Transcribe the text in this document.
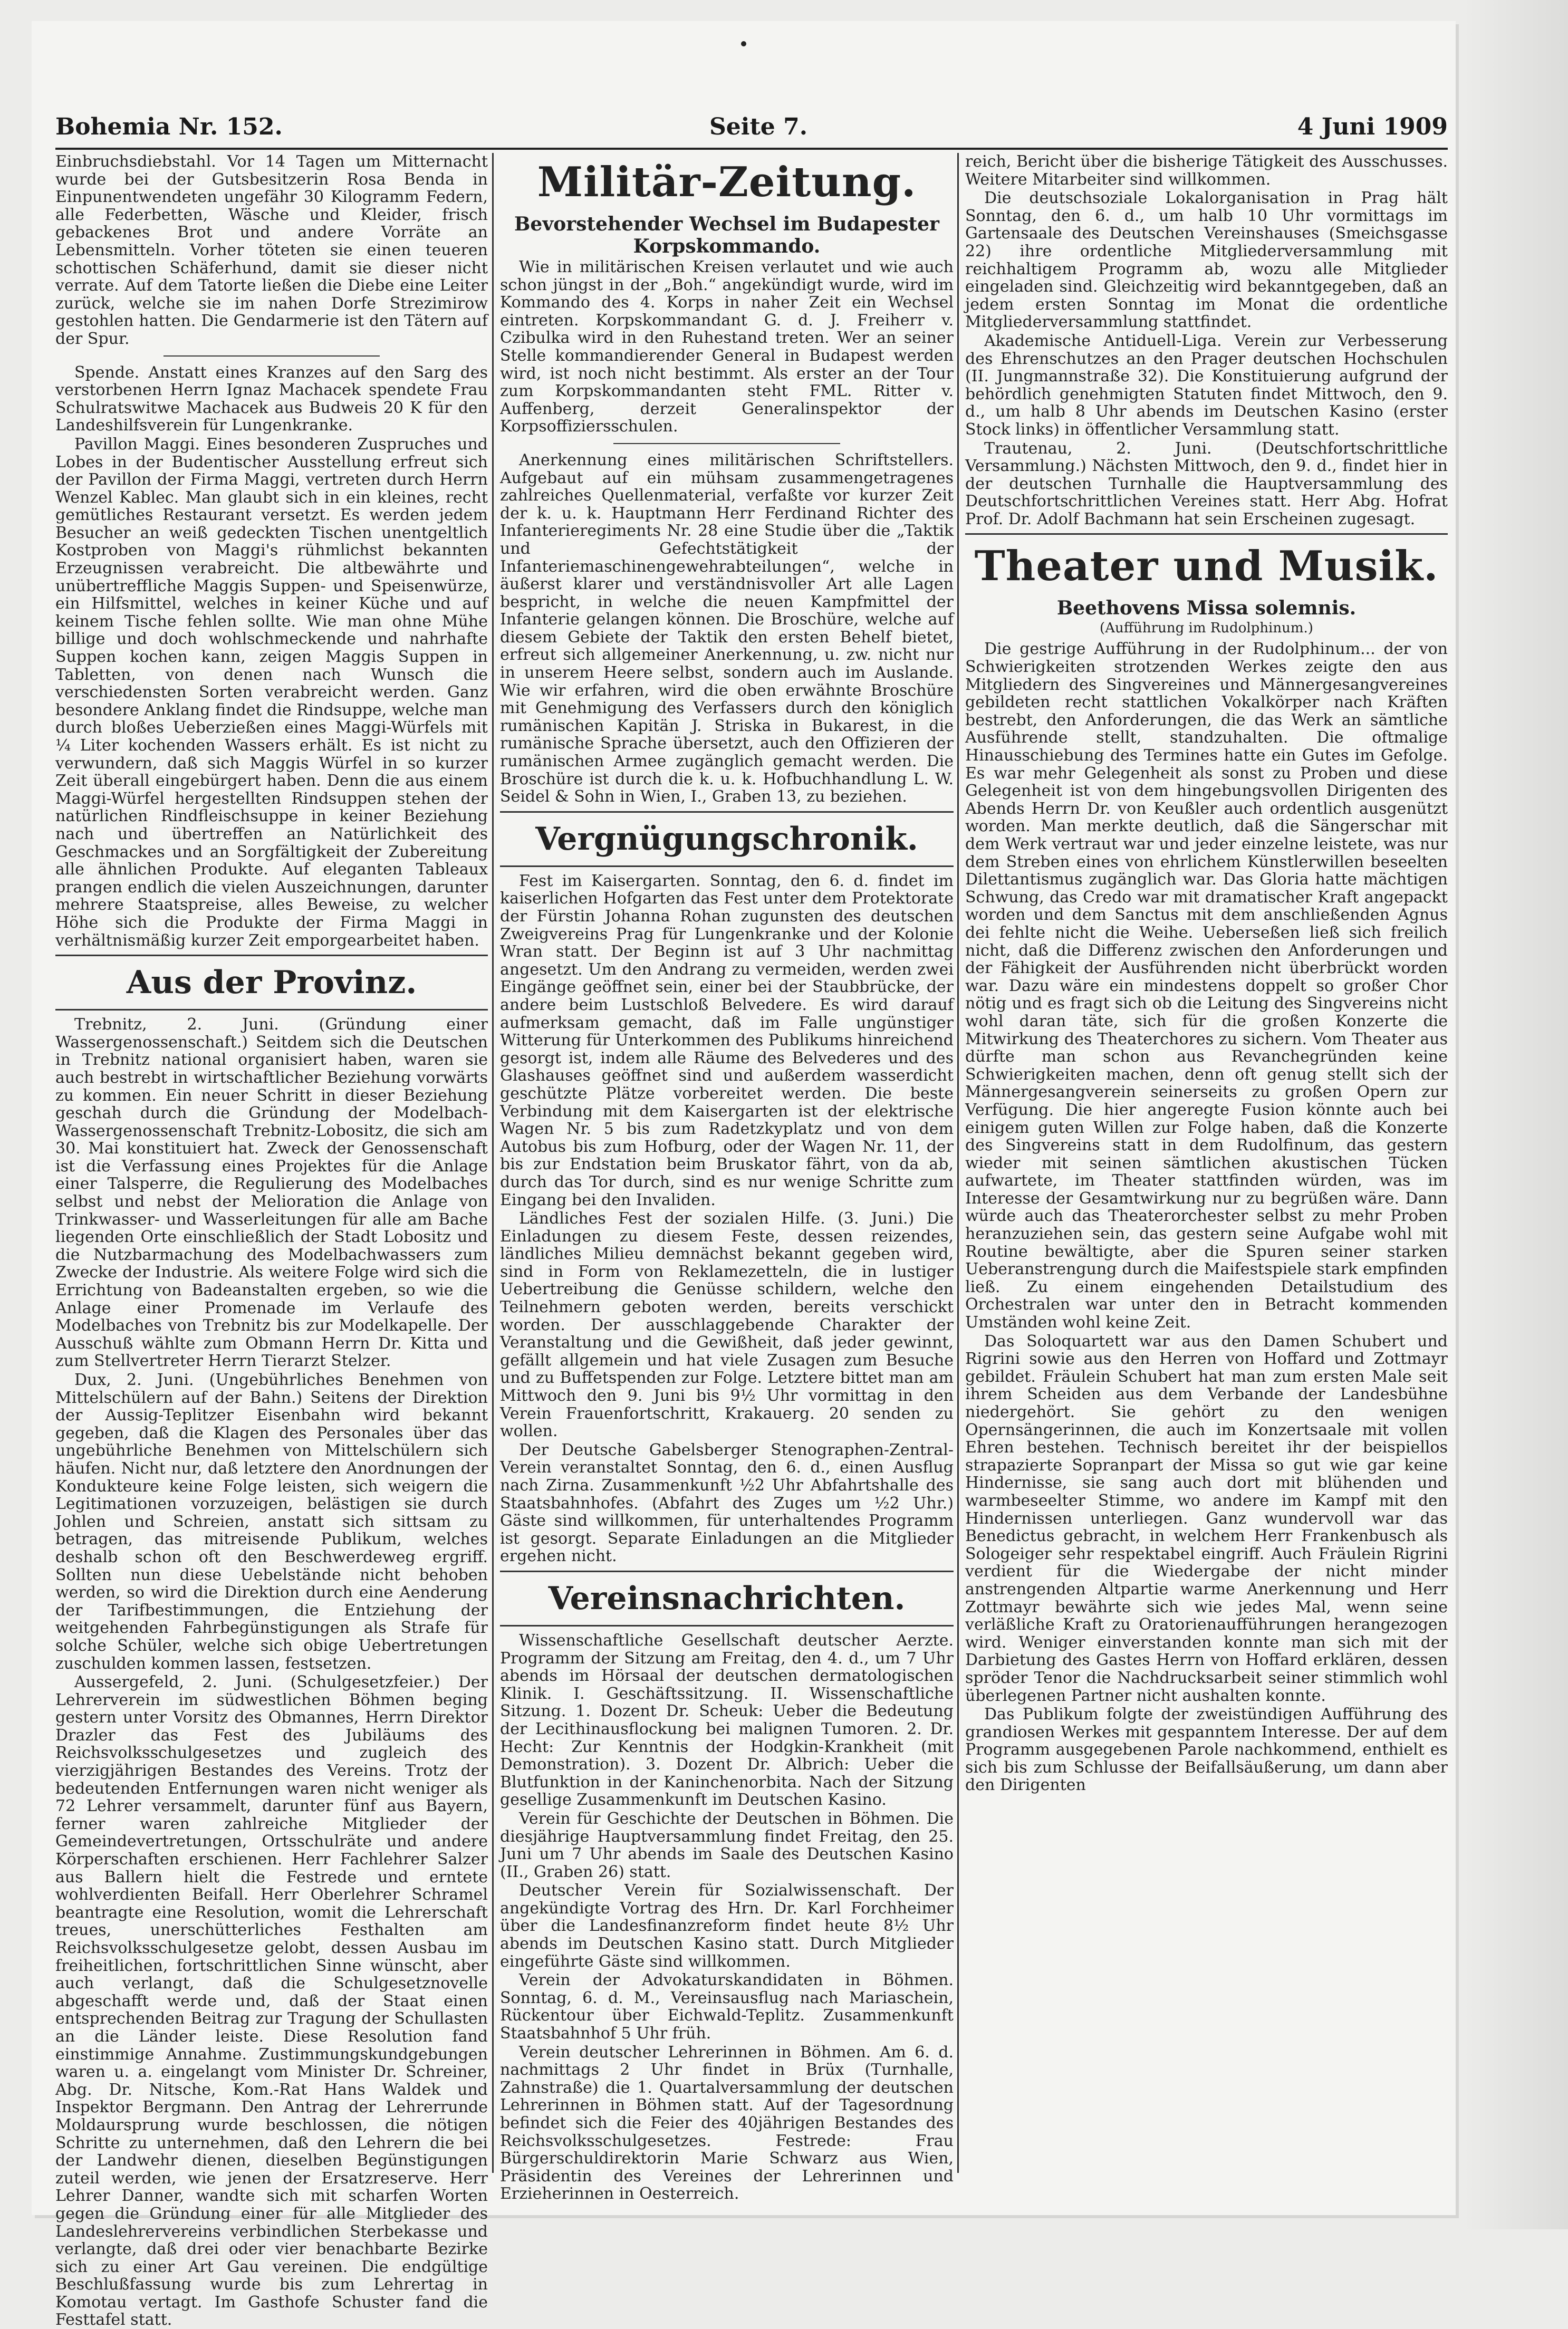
Bohemia Nr. 152.	Seite 7.	4 Juni 1909

Einbruchsdiebstahl. Vor 14 Tagen um Mitternacht wurde bei der Gutsbesitzerin Rosa Benda in Einpunentwendeten ungefähr 30 Kilogramm Federn, alle Federbetten, Wäsche und Kleider, frisch gebackenes Brot und andere Vorräte an Lebensmitteln. Vorher töteten sie einen teueren schottischen Schäferhund, damit sie dieser nicht verrate. Auf dem Tatorte ließen die Diebe eine Leiter zurück, welche sie im nahen Dorfe Strezimirow gestohlen hatten. Die Gendarmerie ist den Tätern auf der Spur.

Spende. Anstatt eines Kranzes auf den Sarg des verstorbenen Herrn Ignaz Machacek spendete Frau Schulratswitwe Machacek aus Budweis 20 K für den Landeshilfsverein für Lungenkranke.

Pavillon Maggi. Eines besonderen Zuspruches und Lobes in der Budentischer Ausstellung erfreut sich der Pavillon der Firma Maggi, vertreten durch Herrn Wenzel Kablec. Man glaubt sich in ein kleines, recht gemütliches Restaurant versetzt. Es werden jedem Besucher an weiß gedeckten Tischen unentgeltlich Kostproben von Maggi's rühmlichst bekannten Erzeugnissen verabreicht. Die altbewährte und unübertreffliche Maggis Suppen- und Speisenwürze, ein Hilfsmittel, welches in keiner Küche und auf keinem Tische fehlen sollte. Wie man ohne Mühe billige und doch wohlschmeckende und nahrhafte Suppen kochen kann, zeigen Maggis Suppen in Tabletten, von denen nach Wunsch die verschiedensten Sorten verabreicht werden. Ganz besondere Anklang findet die Rindsuppe, welche man durch bloßes Ueberzießen eines Maggi-Würfels mit ¼ Liter kochenden Wassers erhält. Es ist nicht zu verwundern, daß sich Maggis Würfel in so kurzer Zeit überall eingebürgert haben. Denn die aus einem Maggi-Würfel hergestellten Rindsuppen stehen der natürlichen Rindfleischsuppe in keiner Beziehung nach und übertreffen an Natürlichkeit des Geschmackes und an Sorgfältigkeit der Zubereitung alle ähnlichen Produkte. Auf eleganten Tableaux prangen endlich die vielen Auszeichnungen, darunter mehrere Staatspreise, alles Beweise, zu welcher Höhe sich die Produkte der Firma Maggi in verhältnismäßig kurzer Zeit emporgearbeitet haben.

Aus der Provinz.

Trebnitz, 2. Juni. (Gründung einer Wassergenossenschaft.) Seitdem sich die Deutschen in Trebnitz national organisiert haben, waren sie auch bestrebt in wirtschaftlicher Beziehung vorwärts zu kommen. Ein neuer Schritt in dieser Beziehung geschah durch die Gründung der Modelbach-Wassergenossenschaft Trebnitz-Lobositz, die sich am 30. Mai konstituiert hat. Zweck der Genossenschaft ist die Verfassung eines Projektes für die Anlage einer Talsperre, die Regulierung des Modelbaches selbst und nebst der Melioration die Anlage von Trinkwasser- und Wasserleitungen für alle am Bache liegenden Orte einschließlich der Stadt Lobositz und die Nutzbarmachung des Modelbachwassers zum Zwecke der Industrie. Als weitere Folge wird sich die Errichtung von Badeanstalten ergeben, so wie die Anlage einer Promenade im Verlaufe des Modelbaches von Trebnitz bis zur Modelkapelle. Der Ausschuß wählte zum Obmann Herrn Dr. Kitta und zum Stellvertreter Herrn Tierarzt Stelzer.

Dux, 2. Juni. (Ungebührliches Benehmen von Mittelschülern auf der Bahn.) Seitens der Direktion der Aussig-Teplitzer Eisenbahn wird bekannt gegeben, daß die Klagen des Personales über das ungebührliche Benehmen von Mittelschülern sich häufen. Nicht nur, daß letztere den Anordnungen der Kondukteure keine Folge leisten, sich weigern die Legitimationen vorzuzeigen, belästigen sie durch Johlen und Schreien, anstatt sich sittsam zu betragen, das mitreisende Publikum, welches deshalb schon oft den Beschwerdeweg ergriff. Sollten nun diese Uebelstände nicht behoben werden, so wird die Direktion durch eine Aenderung der Tarifbestimmungen, die Entziehung der weitgehenden Fahrbegünstigungen als Strafe für solche Schüler, welche sich obige Uebertretungen zuschulden kommen lassen, festsetzen.

Aussergefeld, 2. Juni. (Schulgesetzfeier.) Der Lehrerverein im südwestlichen Böhmen beging gestern unter Vorsitz des Obmannes, Herrn Direktor Drazler das Fest des Jubiläums des Reichsvolksschulgesetzes und zugleich des vierzigjährigen Bestandes des Vereins. Trotz der bedeutenden Entfernungen waren nicht weniger als 72 Lehrer versammelt, darunter fünf aus Bayern, ferner waren zahlreiche Mitglieder der Gemeindevertretungen, Ortsschulräte und andere Körperschaften erschienen. Herr Fachlehrer Salzer aus Ballern hielt die Festrede und erntete wohlverdienten Beifall. Herr Oberlehrer Schramel beantragte eine Resolution, womit die Lehrerschaft treues, unerschütterliches Festhalten am Reichsvolksschulgesetze gelobt, dessen Ausbau im freiheitlichen, fortschrittlichen Sinne wünscht, aber auch verlangt, daß die Schulgesetznovelle abgeschafft werde und, daß der Staat einen entsprechenden Beitrag zur Tragung der Schullasten an die Länder leiste. Diese Resolution fand einstimmige Annahme. Zustimmungskundgebungen waren u. a. eingelangt vom Minister Dr. Schreiner, Abg. Dr. Nitsche, Kom.-Rat Hans Waldek und Inspektor Bergmann. Den Antrag der Lehrerrunde Moldaursprung wurde beschlossen, die nötigen Schritte zu unternehmen, daß den Lehrern die bei der Landwehr dienen, dieselben Begünstigungen zuteil werden, wie jenen der Ersatzreserve. Herr Lehrer Danner, wandte sich mit scharfen Worten gegen die Gründung einer für alle Mitglieder des Landeslehrervereins verbindlichen Sterbekasse und verlangte, daß drei oder vier benachbarte Bezirke sich zu einer Art Gau vereinen. Die endgültige Beschlußfassung wurde bis zum Lehrertag in Komotau vertagt. Im Gasthofe Schuster fand die Festtafel statt.

Militär-Zeitung.
Bevorstehender Wechsel im Budapester Korpskommando.

Wie in militärischen Kreisen verlautet und wie auch schon jüngst in der „Boh.“ angekündigt wurde, wird im Kommando des 4. Korps in naher Zeit ein Wechsel eintreten. Korpskommandant G. d. J. Freiherr v. Czibulka wird in den Ruhestand treten. Wer an seiner Stelle kommandierender General in Budapest werden wird, ist noch nicht bestimmt. Als erster an der Tour zum Korpskommandanten steht FML. Ritter v. Auffenberg, derzeit Generalinspektor der Korpsoffiziersschulen.

Anerkennung eines militärischen Schriftstellers. Aufgebaut auf ein mühsam zusammengetragenes zahlreiches Quellenmaterial, verfaßte vor kurzer Zeit der k. u. k. Hauptmann Herr Ferdinand Richter des Infanterieregiments Nr. 28 eine Studie über die „Taktik und Gefechtstätigkeit der Infanteriemaschinengewehrabteilungen“, welche in äußerst klarer und verständnisvoller Art alle Lagen bespricht, in welche die neuen Kampfmittel der Infanterie gelangen können. Die Broschüre, welche auf diesem Gebiete der Taktik den ersten Behelf bietet, erfreut sich allgemeiner Anerkennung, u. zw. nicht nur in unserem Heere selbst, sondern auch im Auslande. Wie wir erfahren, wird die oben erwähnte Broschüre mit Genehmigung des Verfassers durch den königlich rumänischen Kapitän J. Striska in Bukarest, in die rumänische Sprache übersetzt, auch den Offizieren der rumänischen Armee zugänglich gemacht werden. Die Broschüre ist durch die k. u. k. Hofbuchhandlung L. W. Seidel & Sohn in Wien, I., Graben 13, zu beziehen.

Vergnügungschronik.

Fest im Kaisergarten. Sonntag, den 6. d. findet im kaiserlichen Hofgarten das Fest unter dem Protektorate der Fürstin Johanna Rohan zugunsten des deutschen Zweigvereins Prag für Lungenkranke und der Kolonie Wran statt. Der Beginn ist auf 3 Uhr nachmittag angesetzt. Um den Andrang zu vermeiden, werden zwei Eingänge geöffnet sein, einer bei der Staubbrücke, der andere beim Lustschloß Belvedere. Es wird darauf aufmerksam gemacht, daß im Falle ungünstiger Witterung für Unterkommen des Publikums hinreichend gesorgt ist, indem alle Räume des Belvederes und des Glashauses geöffnet sind und außerdem wasserdicht geschützte Plätze vorbereitet werden. Die beste Verbindung mit dem Kaisergarten ist der elektrische Wagen Nr. 5 bis zum Radetzkyplatz und von dem Autobus bis zum Hofburg, oder der Wagen Nr. 11, der bis zur Endstation beim Bruskator fährt, von da ab, durch das Tor durch, sind es nur wenige Schritte zum Eingang bei den Invaliden.

Ländliches Fest der sozialen Hilfe. (3. Juni.) Die Einladungen zu diesem Feste, dessen reizendes, ländliches Milieu demnächst bekannt gegeben wird, sind in Form von Reklamezetteln, die in lustiger Uebertreibung die Genüsse schildern, welche den Teilnehmern geboten werden, bereits verschickt worden. Der ausschlaggebende Charakter der Veranstaltung und die Gewißheit, daß jeder gewinnt, gefällt allgemein und hat viele Zusagen zum Besuche und zu Buffetspenden zur Folge. Letztere bittet man am Mittwoch den 9. Juni bis 9½ Uhr vormittag in den Verein Frauenfortschritt, Krakauerg. 20 senden zu wollen.

Der Deutsche Gabelsberger Stenographen-Zentral-Verein veranstaltet Sonntag, den 6. d., einen Ausflug nach Zirna. Zusammenkunft ½2 Uhr Abfahrtshalle des Staatsbahnhofes. (Abfahrt des Zuges um ½2 Uhr.) Gäste sind willkommen, für unterhaltendes Programm ist gesorgt. Separate Einladungen an die Mitglieder ergehen nicht.

Vereinsnachrichten.

Wissenschaftliche Gesellschaft deutscher Aerzte. Programm der Sitzung am Freitag, den 4. d., um 7 Uhr abends im Hörsaal der deutschen dermatologischen Klinik. I. Geschäftssitzung. II. Wissenschaftliche Sitzung. 1. Dozent Dr. Scheuk: Ueber die Bedeutung der Lecithinausflockung bei malignen Tumoren. 2. Dr. Hecht: Zur Kenntnis der Hodgkin-Krankheit (mit Demonstration). 3. Dozent Dr. Albrich: Ueber die Blutfunktion in der Kaninchenorbita. Nach der Sitzung gesellige Zusammenkunft im Deutschen Kasino.

Verein für Geschichte der Deutschen in Böhmen. Die diesjährige Hauptversammlung findet Freitag, den 25. Juni um 7 Uhr abends im Saale des Deutschen Kasino (II., Graben 26) statt.

Deutscher Verein für Sozialwissenschaft. Der angekündigte Vortrag des Hrn. Dr. Karl Forchheimer über die Landesfinanzreform findet heute 8½ Uhr abends im Deutschen Kasino statt. Durch Mitglieder eingeführte Gäste sind willkommen.

Verein der Advokaturskandidaten in Böhmen. Sonntag, 6. d. M., Vereinsausflug nach Mariaschein, Rückentour über Eichwald-Teplitz. Zusammenkunft Staatsbahnhof 5 Uhr früh.

Verein deutscher Lehrerinnen in Böhmen. Am 6. d. nachmittags 2 Uhr findet in Brüx (Turnhalle, Zahnstraße) die 1. Quartalversammlung der deutschen Lehrerinnen in Böhmen statt. Auf der Tagesordnung befindet sich die Feier des 40jährigen Bestandes des Reichsvolksschulgesetzes. Festrede: Frau Bürgerschuldirektorin Marie Schwarz aus Wien, Präsidentin des Vereines der Lehrerinnen und Erzieherinnen in Oesterreich.

reich, Bericht über die bisherige Tätigkeit des Ausschusses. Weitere Mitarbeiter sind willkommen.

Die deutschsoziale Lokalorganisation in Prag hält Sonntag, den 6. d., um halb 10 Uhr vormittags im Gartensaale des Deutschen Vereinshauses (Smeichsgasse 22) ihre ordentliche Mitgliederversammlung mit reichhaltigem Programm ab, wozu alle Mitglieder eingeladen sind. Gleichzeitig wird bekanntgegeben, daß an jedem ersten Sonntag im Monat die ordentliche Mitgliederversammlung stattfindet.

Akademische Antiduell-Liga. Verein zur Verbesserung des Ehrenschutzes an den Prager deutschen Hochschulen (II. Jungmannstraße 32). Die Konstituierung aufgrund der behördlich genehmigten Statuten findet Mittwoch, den 9. d., um halb 8 Uhr abends im Deutschen Kasino (erster Stock links) in öffentlicher Versammlung statt.

Trautenau, 2. Juni. (Deutschfortschrittliche Versammlung.) Nächsten Mittwoch, den 9. d., findet hier in der deutschen Turnhalle die Hauptversammlung des Deutschfortschrittlichen Vereines statt. Herr Abg. Hofrat Prof. Dr. Adolf Bachmann hat sein Erscheinen zugesagt.

Theater und Musik.
Beethovens Missa solemnis.
(Aufführung im Rudolphinum.)

Die gestrige Aufführung in der Rudolphinum... der von Schwierigkeiten strotzenden Werkes zeigte den aus Mitgliedern des Singvereines und Männergesangvereines gebildeten recht stattlichen Vokalkörper nach Kräften bestrebt, den Anforderungen, die das Werk an sämtliche Ausführende stellt, standzuhalten. Die oftmalige Hinausschiebung des Termines hatte ein Gutes im Gefolge. Es war mehr Gelegenheit als sonst zu Proben und diese Gelegenheit ist von dem hingebungsvollen Dirigenten des Abends Herrn Dr. von Keußler auch ordentlich ausgenützt worden. Man merkte deutlich, daß die Sängerschar mit dem Werk vertraut war und jeder einzelne leistete, was nur dem Streben eines von ehrlichem Künstlerwillen beseelten Dilettantismus zugänglich war. Das Gloria hatte mächtigen Schwung, das Credo war mit dramatischer Kraft angepackt worden und dem Sanctus mit dem anschließenden Agnus dei fehlte nicht die Weihe. Ueberseßen ließ sich freilich nicht, daß die Differenz zwischen den Anforderungen und der Fähigkeit der Ausführenden nicht überbrückt worden war. Dazu wäre ein mindestens doppelt so großer Chor nötig und es fragt sich ob die Leitung des Singvereins nicht wohl daran täte, sich für die großen Konzerte die Mitwirkung des Theaterchores zu sichern. Vom Theater aus dürfte man schon aus Revanchegründen keine Schwierigkeiten machen, denn oft genug stellt sich der Männergesangverein seinerseits zu großen Opern zur Verfügung. Die hier angeregte Fusion könnte auch bei einigem guten Willen zur Folge haben, daß die Konzerte des Singvereins statt in dem Rudolfinum, das gestern wieder mit seinen sämtlichen akustischen Tücken aufwartete, im Theater stattfinden würden, was im Interesse der Gesamtwirkung nur zu begrüßen wäre. Dann würde auch das Theaterorchester selbst zu mehr Proben heranzuziehen sein, das gestern seine Aufgabe wohl mit Routine bewältigte, aber die Spuren seiner starken Ueberanstrengung durch die Maifestspiele stark empfinden ließ. Zu einem eingehenden Detailstudium des Orchestralen war unter den in Betracht kommenden Umständen wohl keine Zeit.

Das Soloquartett war aus den Damen Schubert und Rigrini sowie aus den Herren von Hoffard und Zottmayr gebildet. Fräulein Schubert hat man zum ersten Male seit ihrem Scheiden aus dem Verbande der Landesbühne niedergehört. Sie gehört zu den wenigen Opernsängerinnen, die auch im Konzertsaale mit vollen Ehren bestehen. Technisch bereitet ihr der beispiellos strapazierte Sopranpart der Missa so gut wie gar keine Hindernisse, sie sang auch dort mit blühenden und warmbeseelter Stimme, wo andere im Kampf mit den Hindernissen unterliegen. Ganz wundervoll war das Benedictus gebracht, in welchem Herr Frankenbusch als Sologeiger sehr respektabel eingriff. Auch Fräulein Rigrini verdient für die Wiedergabe der nicht minder anstrengenden Altpartie warme Anerkennung und Herr Zottmayr bewährte sich wie jedes Mal, wenn seine verläßliche Kraft zu Oratorienaufführungen herangezogen wird. Weniger einverstanden konnte man sich mit der Darbietung des Gastes Herrn von Hoffard erklären, dessen spröder Tenor die Nachdrucksarbeit seiner stimmlich wohl überlegenen Partner nicht aushalten konnte.

Das Publikum folgte der zweistündigen Aufführung des grandiosen Werkes mit gespanntem Interesse. Der auf dem Programm ausgegebenen Parole nachkommend, enthielt es sich bis zum Schlusse der Beifallsäußerung, um dann aber den Dirigenten
